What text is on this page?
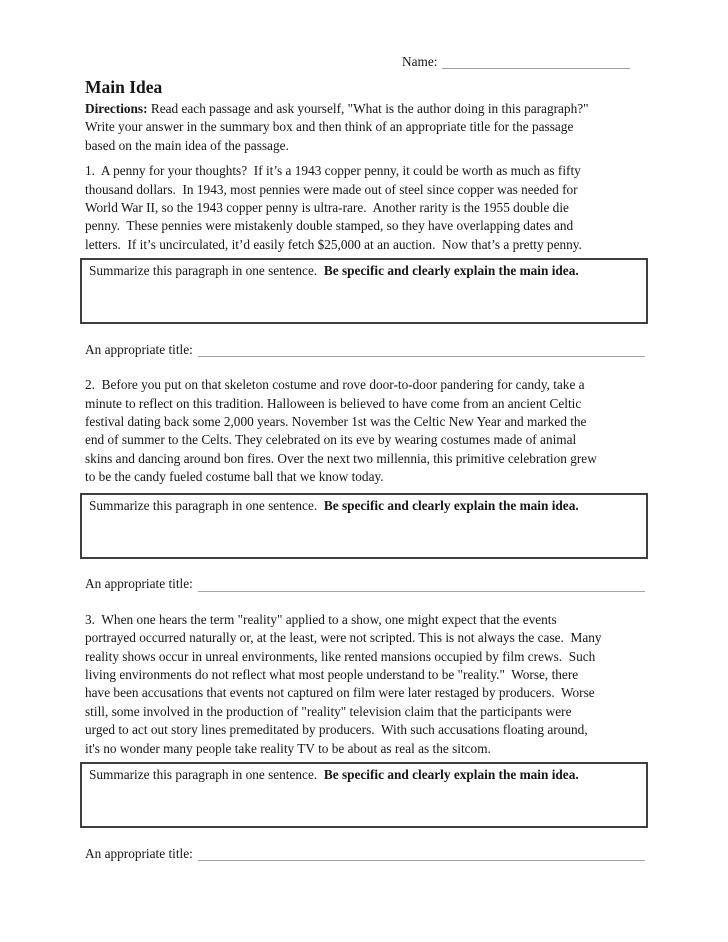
Name:
Main Idea
Directions: Read each passage and ask yourself, "What is the author doing in this paragraph?"
Write your answer in the summary box and then think of an appropriate title for the passage
based on the main idea of the passage.
1.  A penny for your thoughts?  If it’s a 1943 copper penny, it could be worth as much as fifty
thousand dollars.  In 1943, most pennies were made out of steel since copper was needed for
World War II, so the 1943 copper penny is ultra-rare.  Another rarity is the 1955 double die
penny.  These pennies were mistakenly double stamped, so they have overlapping dates and
letters.  If it’s uncirculated, it’d easily fetch $25,000 at an auction.  Now that’s a pretty penny.
Summarize this paragraph in one sentence.  Be specific and clearly explain the main idea.
An appropriate title:
2.  Before you put on that skeleton costume and rove door-to-door pandering for candy, take a
minute to reflect on this tradition. Halloween is believed to have come from an ancient Celtic
festival dating back some 2,000 years. November 1st was the Celtic New Year and marked the
end of summer to the Celts. They celebrated on its eve by wearing costumes made of animal
skins and dancing around bon fires. Over the next two millennia, this primitive celebration grew
to be the candy fueled costume ball that we know today.
Summarize this paragraph in one sentence.  Be specific and clearly explain the main idea.
An appropriate title:
3.  When one hears the term "reality" applied to a show, one might expect that the events
portrayed occurred naturally or, at the least, were not scripted. This is not always the case.  Many
reality shows occur in unreal environments, like rented mansions occupied by film crews.  Such
living environments do not reflect what most people understand to be "reality."  Worse, there
have been accusations that events not captured on film were later restaged by producers.  Worse
still, some involved in the production of "reality" television claim that the participants were
urged to act out story lines premeditated by producers.  With such accusations floating around,
it's no wonder many people take reality TV to be about as real as the sitcom.
Summarize this paragraph in one sentence.  Be specific and clearly explain the main idea.
An appropriate title:
